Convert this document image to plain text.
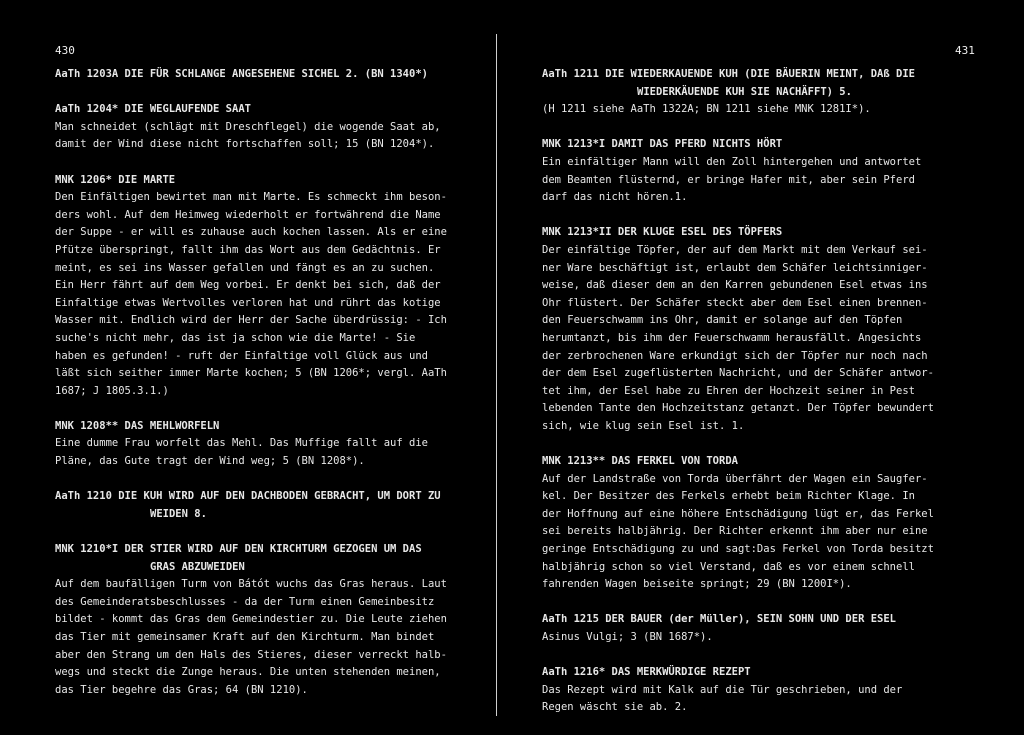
430	431
AaTh 1203A DIE FÜR SCHLANGE ANGESEHENE SICHEL 2. (BN 1340*)
AaTh 1204* DIE WEGLAUFENDE SAAT
Man schneidet (schlägt mit Dreschflegel) die wogende Saat ab,
damit der Wind diese nicht fortschaffen soll; 15 (BN 1204*).
MNK 1206* DIE MARTE
Den Einfältigen bewirtet man mit Marte. Es schmeckt ihm beson-
ders wohl. Auf dem Heimweg wiederholt er fortwährend die Name
der Suppe - er will es zuhause auch kochen lassen. Als er eine
Pfütze überspringt, fallt ihm das Wort aus dem Gedächtnis. Er
meint, es sei ins Wasser gefallen und fängt es an zu suchen.
Ein Herr fährt auf dem Weg vorbei. Er denkt bei sich, daß der
Einfaltige etwas Wertvolles verloren hat und rührt das kotige
Wasser mit. Endlich wird der Herr der Sache überdrüssig: - Ich
suche's nicht mehr, das ist ja schon wie die Marte! - Sie
haben es gefunden! - ruft der Einfaltige voll Glück aus und
läßt sich seither immer Marte kochen; 5 (BN 1206*; vergl. AaTh
1687; J 1805.3.1.)
MNK 1208** DAS MEHLWORFELN
Eine dumme Frau worfelt das Mehl. Das Muffige fallt auf die
Pläne, das Gute tragt der Wind weg; 5 (BN 1208*).
AaTh 1210 DIE KUH WIRD AUF DEN DACHBODEN GEBRACHT, UM DORT ZU
WEIDEN 8.
MNK 1210*I DER STIER WIRD AUF DEN KIRCHTURM GEZOGEN UM DAS
GRAS ABZUWEIDEN
Auf dem baufälligen Turm von Bátót wuchs das Gras heraus. Laut
des Gemeinderatsbeschlusses - da der Turm einen Gemeinbesitz
bildet - kommt das Gras dem Gemeindestier zu. Die Leute ziehen
das Tier mit gemeinsamer Kraft auf den Kirchturm. Man bindet
aber den Strang um den Hals des Stieres, dieser verreckt halb-
wegs und steckt die Zunge heraus. Die unten stehenden meinen,
das Tier begehre das Gras; 64 (BN 1210).
AaTh 1211 DIE WIEDERKAUENDE KUH (DIE BÄUERIN MEINT, DAß DIE
WIEDERKÄUENDE KUH SIE NACHÄFFT) 5.
(H 1211 siehe AaTh 1322A; BN 1211 siehe MNK 1281I*).
MNK 1213*I DAMIT DAS PFERD NICHTS HÖRT
Ein einfältiger Mann will den Zoll hintergehen und antwortet
dem Beamten flüsternd, er bringe Hafer mit, aber sein Pferd
darf das nicht hören.1.
MNK 1213*II DER KLUGE ESEL DES TÖPFERS
Der einfältige Töpfer, der auf dem Markt mit dem Verkauf sei-
ner Ware beschäftigt ist, erlaubt dem Schäfer leichtsinniger-
weise, daß dieser dem an den Karren gebundenen Esel etwas ins
Ohr flüstert. Der Schäfer steckt aber dem Esel einen brennen-
den Feuerschwamm ins Ohr, damit er solange auf den Töpfen
herumtanzt, bis ihm der Feuerschwamm herausfällt. Angesichts
der zerbrochenen Ware erkundigt sich der Töpfer nur noch nach
der dem Esel zugeflüsterten Nachricht, und der Schäfer antwor-
tet ihm, der Esel habe zu Ehren der Hochzeit seiner in Pest
lebenden Tante den Hochzeitstanz getanzt. Der Töpfer bewundert
sich, wie klug sein Esel ist. 1.
MNK 1213** DAS FERKEL VON TORDA
Auf der Landstraße von Torda überfährt der Wagen ein Saugfer-
kel. Der Besitzer des Ferkels erhebt beim Richter Klage. In
der Hoffnung auf eine höhere Entschädigung lügt er, das Ferkel
sei bereits halbjährig. Der Richter erkennt ihm aber nur eine
geringe Entschädigung zu und sagt:Das Ferkel von Torda besitzt
halbjährig schon so viel Verstand, daß es vor einem schnell
fahrenden Wagen beiseite springt; 29 (BN 1200I*).
AaTh 1215 DER BAUER (der Müller), SEIN SOHN UND DER ESEL
Asinus Vulgi; 3 (BN 1687*).
AaTh 1216* DAS MERKWÜRDIGE REZEPT
Das Rezept wird mit Kalk auf die Tür geschrieben, und der
Regen wäscht sie ab. 2.
